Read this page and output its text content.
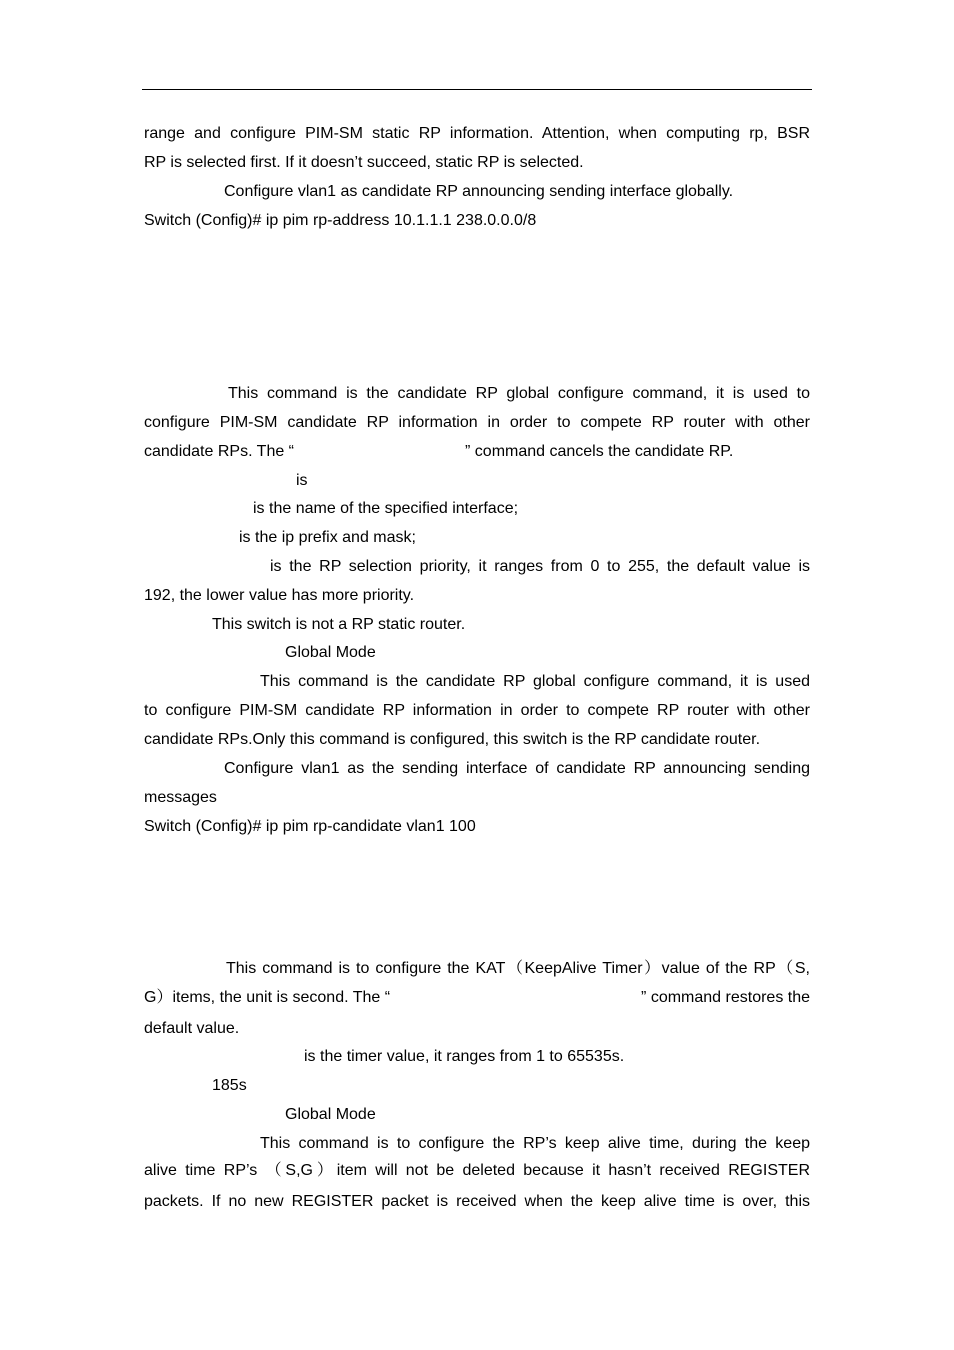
range and configure PIM-SM static RP information. Attention, when computing rp, BSR
RP is selected first. If it doesn’t succeed, static RP is selected.
Configure vlan1 as candidate RP announcing sending interface globally.
Switch (Config)# ip pim rp-address 10.1.1.1 238.0.0.0/8
This command is the candidate RP global configure command, it is used to
configure PIM-SM candidate RP information in order to compete RP router with other
candidate RPs. The “	” command cancels the candidate RP.
is
is the name of the specified interface;
is the ip prefix and mask;
is the RP selection priority, it ranges from 0 to 255, the default value is
192, the lower value has more priority.
This switch is not a RP static router.
Global Mode
This command is the candidate RP global configure command, it is used
to configure PIM-SM candidate RP information in order to compete RP router with other
candidate RPs.Only this command is configured, this switch is the RP candidate router.
Configure vlan1 as the sending interface of candidate RP announcing sending
messages
Switch (Config)# ip pim rp-candidate vlan1 100
This command is to configure the KAT（KeepAlive Timer）value of the RP（S,
G）items, the unit is second. The “	” command restores the
default value.
is the timer value, it ranges from 1 to 65535s.
185s
Global Mode
This command is to configure the RP’s keep alive time, during the keep
alive time RP’s （S,G）item will not be deleted because it hasn’t received REGISTER
packets. If no new REGISTER packet is received when the keep alive time is over, this
